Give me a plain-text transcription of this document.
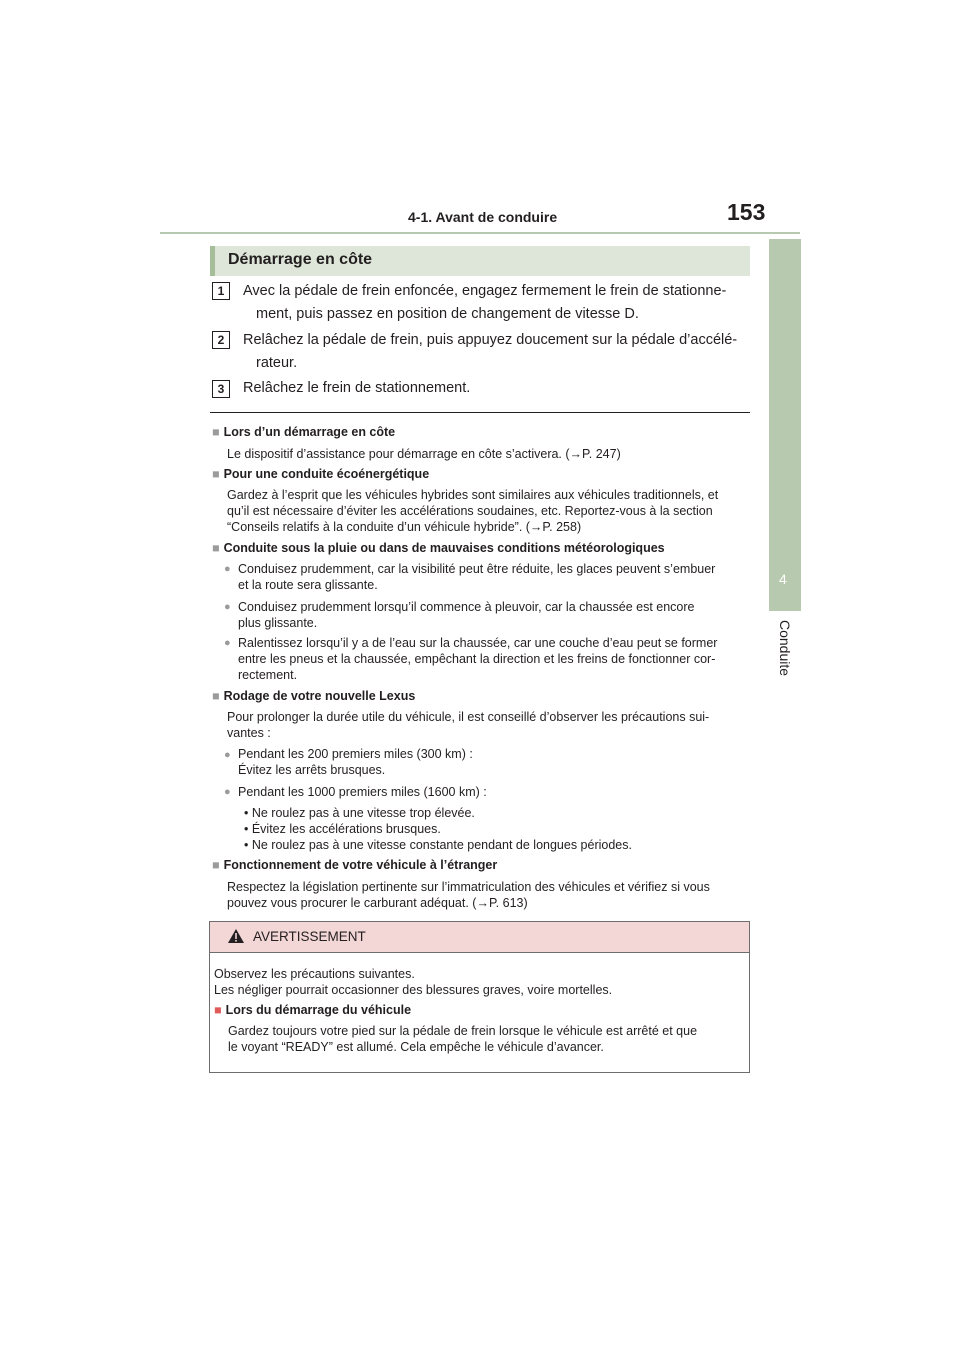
4-1. Avant de conduire	153
4
Conduite
Démarrage en côte
1	Avec la pédale de frein enfoncée, engagez fermement le frein de stationne-
ment, puis passez en position de changement de vitesse D.
2	Relâchez la pédale de frein, puis appuyez doucement sur la pédale d’accélé-
rateur.
3	Relâchez le frein de stationnement.
■ Lors d’un démarrage en côte
Le dispositif d’assistance pour démarrage en côte s’activera. (→P. 247)
■ Pour une conduite écoénergétique
Gardez à l’esprit que les véhicules hybrides sont similaires aux véhicules traditionnels, et
qu’il est nécessaire d’éviter les accélérations soudaines, etc. Reportez-vous à la section
“Conseils relatifs à la conduite d’un véhicule hybride”. (→P. 258)
■ Conduite sous la pluie ou dans de mauvaises conditions météorologiques
● Conduisez prudemment, car la visibilité peut être réduite, les glaces peuvent s’embuer
et la route sera glissante.
● Conduisez prudemment lorsqu’il commence à pleuvoir, car la chaussée est encore
plus glissante.
● Ralentissez lorsqu’il y a de l’eau sur la chaussée, car une couche d’eau peut se former
entre les pneus et la chaussée, empêchant la direction et les freins de fonctionner cor-
rectement.
■ Rodage de votre nouvelle Lexus
Pour prolonger la durée utile du véhicule, il est conseillé d’observer les précautions sui-
vantes :
● Pendant les 200 premiers miles (300 km) :
Évitez les arrêts brusques.
● Pendant les 1000 premiers miles (1600 km) :
• Ne roulez pas à une vitesse trop élevée.
• Évitez les accélérations brusques.
• Ne roulez pas à une vitesse constante pendant de longues périodes.
■ Fonctionnement de votre véhicule à l’étranger
Respectez la législation pertinente sur l’immatriculation des véhicules et vérifiez si vous
pouvez vous procurer le carburant adéquat. (→P. 613)
AVERTISSEMENT
Observez les précautions suivantes.
Les négliger pourrait occasionner des blessures graves, voire mortelles.
■ Lors du démarrage du véhicule
Gardez toujours votre pied sur la pédale de frein lorsque le véhicule est arrêté et que
le voyant “READY” est allumé. Cela empêche le véhicule d’avancer.
